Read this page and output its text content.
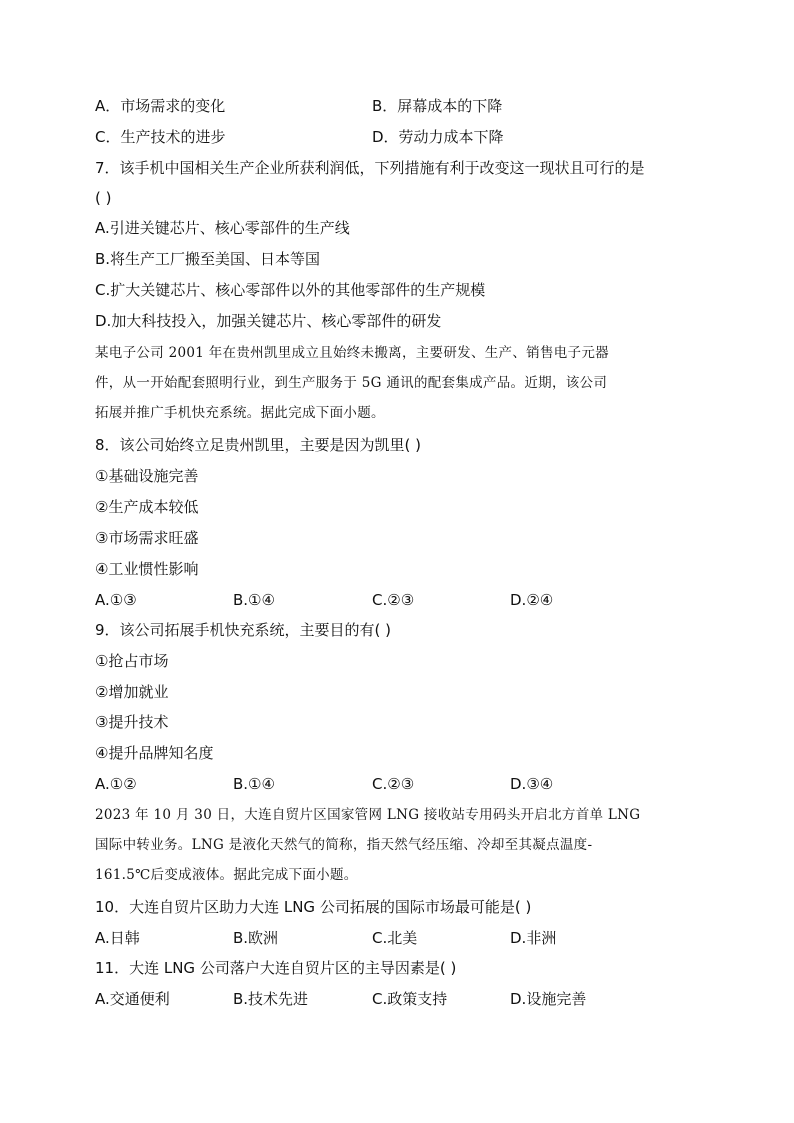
A．市场需求的变化	B．屏幕成本的下降
C．生产技术的进步	D．劳动力成本下降
7．该手机中国相关生产企业所获利润低，下列措施有利于改变这一现状且可行的是
( )
A.引进关键芯片、核心零部件的生产线
B.将生产工厂搬至美国、日本等国
C.扩大关键芯片、核心零部件以外的其他零部件的生产规模
D.加大科技投入，加强关键芯片、核心零部件的研发
某电子公司 2001 年在贵州凯里成立且始终未搬离，主要研发、生产、销售电子元器
件，从一开始配套照明行业，到生产服务于 5G 通讯的配套集成产品。近期，该公司
拓展并推广手机快充系统。据此完成下面小题。
8．该公司始终立足贵州凯里，主要是因为凯里( )
①基础设施完善
②生产成本较低
③市场需求旺盛
④工业惯性影响
A.①③	B.①④	C.②③	D.②④
9．该公司拓展手机快充系统，主要目的有( )
①抢占市场
②增加就业
③提升技术
④提升品牌知名度
A.①②	B.①④	C.②③	D.③④
2023 年 10 月 30 日，大连自贸片区国家管网 LNG 接收站专用码头开启北方首单 LNG
国际中转业务。LNG 是液化天然气的简称，指天然气经压缩、冷却至其凝点温度-
161.5℃后变成液体。据此完成下面小题。
10．大连自贸片区助力大连 LNG 公司拓展的国际市场最可能是( )
A.日韩	B.欧洲	C.北美	D.非洲
11．大连 LNG 公司落户大连自贸片区的主导因素是( )
A.交通便利	B.技术先进	C.政策支持	D.设施完善
